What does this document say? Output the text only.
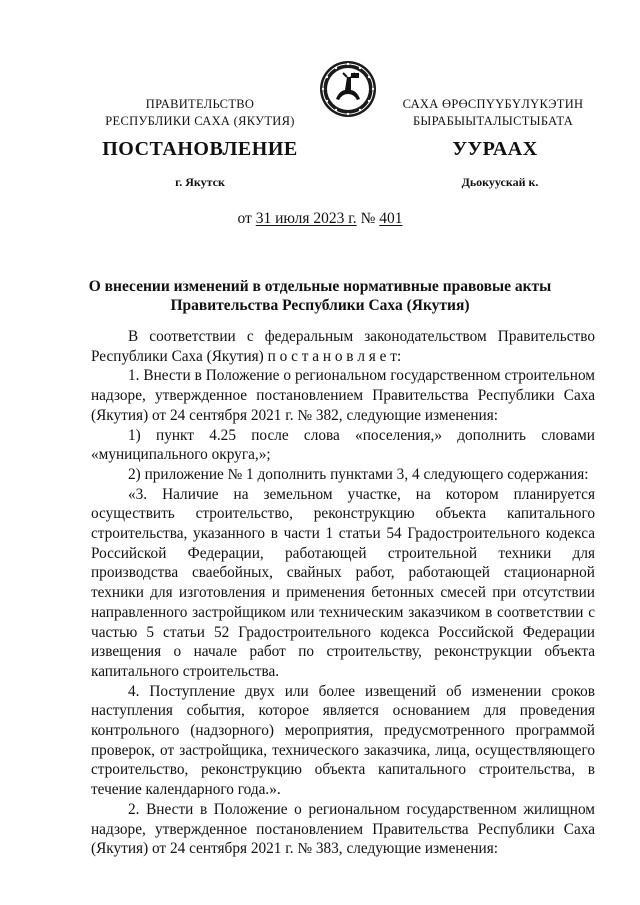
ПРАВИТЕЛЬСТВО
РЕСПУБЛИКИ САХА (ЯКУТИЯ)
САХА ӨРӨСПҮҮБҮЛҮКЭТИН
БЫРАБЫЫТАЛЫСТЫБАТА
ПОСТАНОВЛЕНИЕ	УУРААХ
г. Якутск	Дьокуускай к.
от 31 июля 2023 г. № 401
О внесении изменений в отдельные нормативные правовые акты
Правительства Республики Саха (Якутия)

В соответствии с федеральным законодательством Правительство Республики Саха (Якутия) п о с т а н о в л я е т:

1. Внести в Положение о региональном государственном строительном надзоре, утвержденное постановлением Правительства Республики Саха (Якутия) от 24 сентября 2021 г. № 382, следующие изменения:

1) пункт 4.25 после слова «поселения,» дополнить словами «муниципального округа,»;

2) приложение № 1 дополнить пунктами 3, 4 следующего содержания:

«3. Наличие на земельном участке, на котором планируется осуществить строительство, реконструкцию объекта капитального строительства, указанного в части 1 статьи 54 Градостроительного кодекса Российской Федерации, работающей строительной техники для производства сваебойных, свайных работ, работающей стационарной техники для изготовления и применения бетонных смесей при отсутствии направленного застройщиком или техническим заказчиком в соответствии с частью 5 статьи 52 Градостроительного кодекса Российской Федерации извещения о начале работ по строительству, реконструкции объекта капитального строительства.

4. Поступление двух или более извещений об изменении сроков наступления события, которое является основанием для проведения контрольного (надзорного) мероприятия, предусмотренного программой проверок, от застройщика, технического заказчика, лица, осуществляющего строительство, реконструкцию объекта капитального строительства, в течение календарного года.».

2. Внести в Положение о региональном государственном жилищном надзоре, утвержденное постановлением Правительства Республики Саха (Якутия) от 24 сентября 2021 г. № 383, следующие изменения:
